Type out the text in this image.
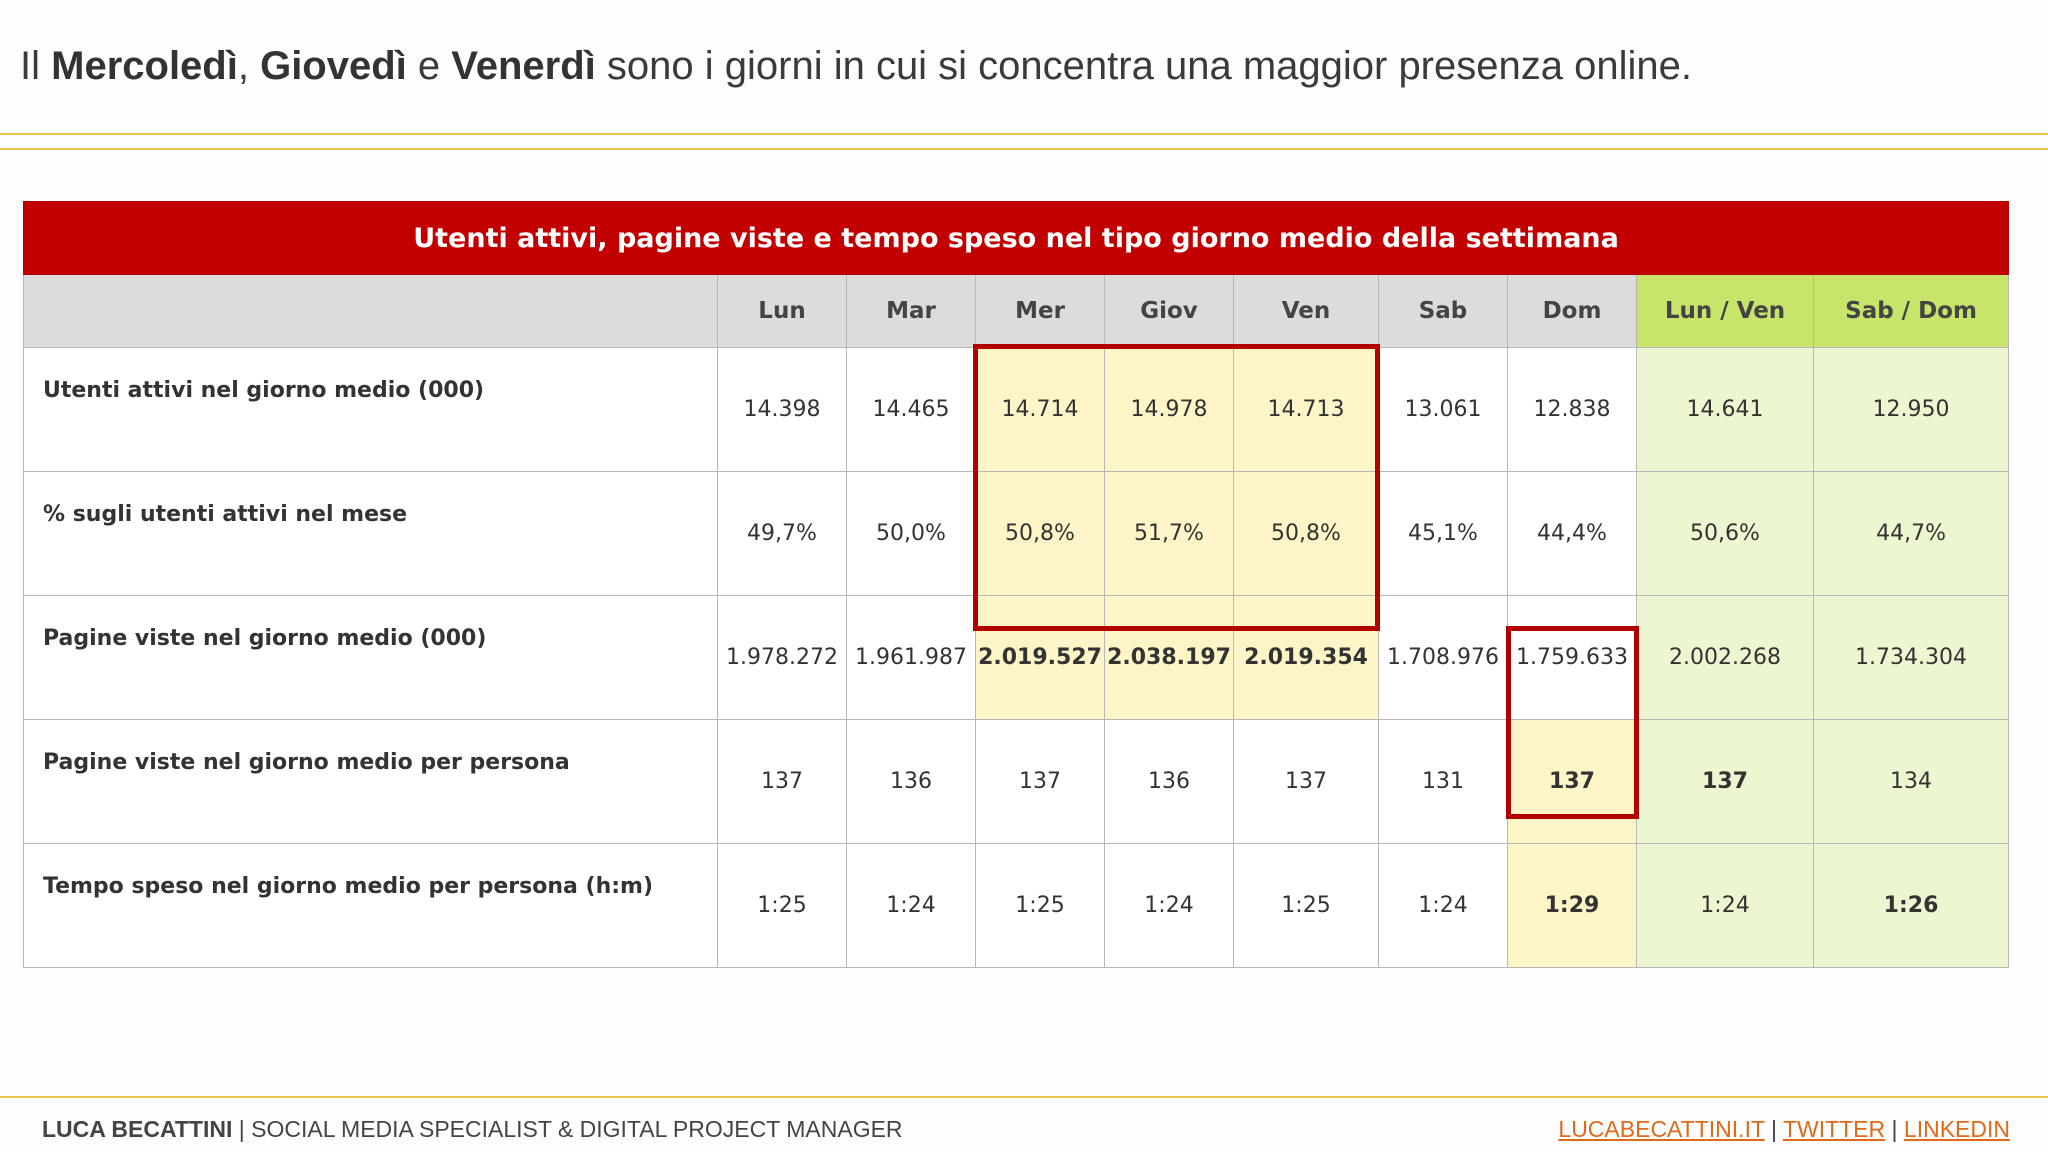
Il Mercoledì, Giovedì e Venerdì sono i giorni in cui si concentra una maggior presenza online.
Utenti attivi, pagine viste e tempo speso nel tipo giorno medio della settimana									
	Lun	Mar	Mer	Giov	Ven	Sab	Dom	Lun / Ven	Sab / Dom
Utenti attivi nel giorno medio (000)	14.398	14.465	14.714	14.978	14.713	13.061	12.838	14.641	12.950
% sugli utenti attivi nel mese	49,7%	50,0%	50,8%	51,7%	50,8%	45,1%	44,4%	50,6%	44,7%
Pagine viste nel giorno medio (000)	1.978.272	1.961.987	2.019.527	2.038.197	2.019.354	1.708.976	1.759.633	2.002.268	1.734.304
Pagine viste nel giorno medio per persona	137	136	137	136	137	131	137	137	134
Tempo speso nel giorno medio per persona (h:m)	1:25	1:24	1:25	1:24	1:25	1:24	1:29	1:24	1:26
LUCA BECATTINI | SOCIAL MEDIA SPECIALIST & DIGITAL PROJECT MANAGER	LUCABECATTINI.IT | TWITTER | LINKEDIN
